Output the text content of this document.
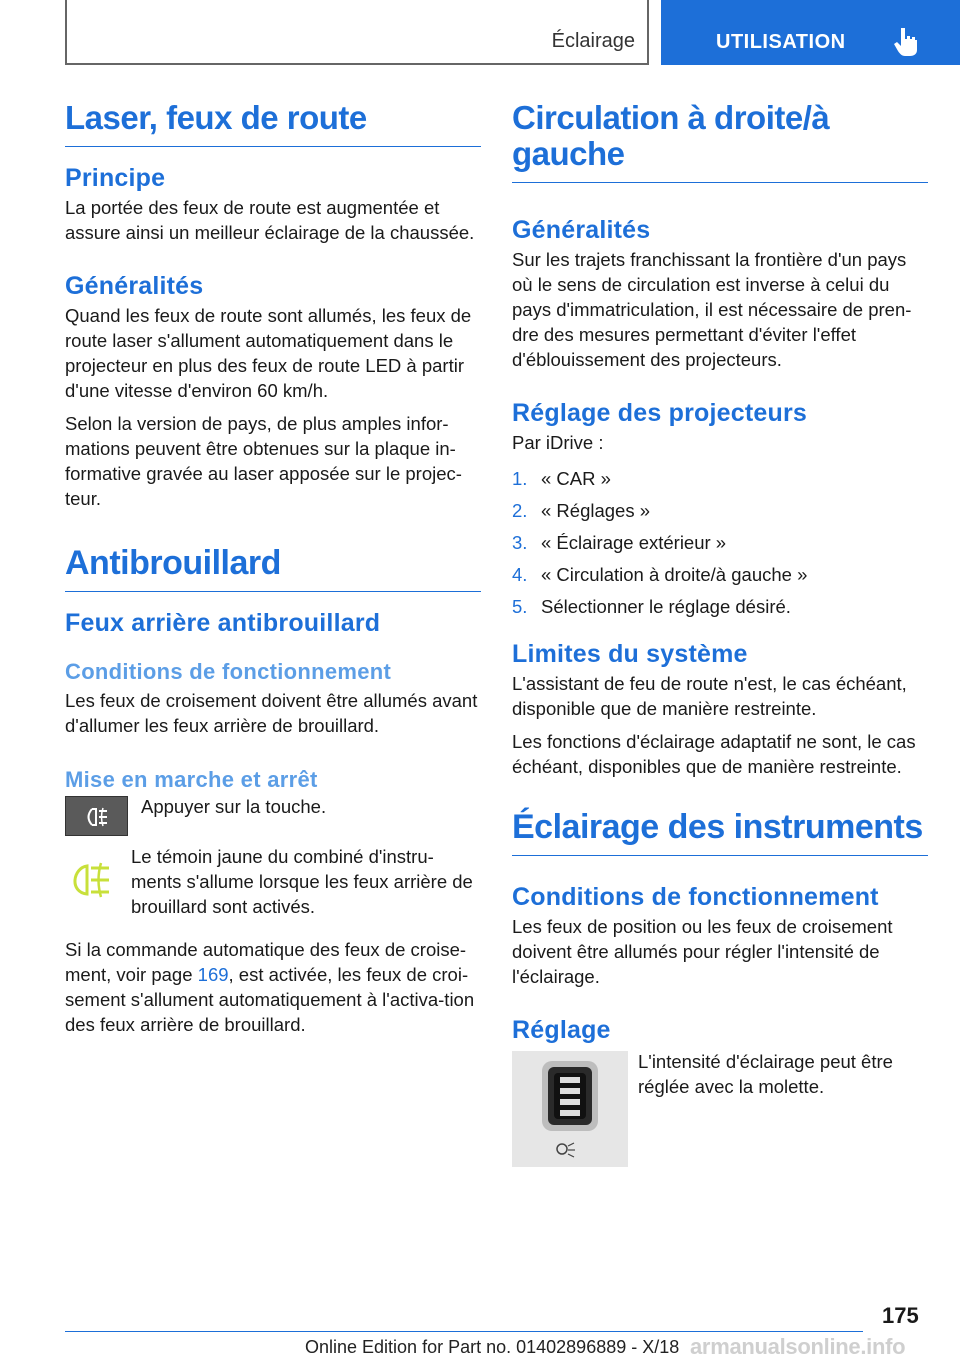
Éclairage	UTILISATION
Laser, feux de route
Principe

La portée des feux de route est augmentée et assure ainsi un meilleur éclairage de la chaussée.

Généralités

Quand les feux de route sont allumés, les feux de route laser s'allument automatiquement dans le projecteur en plus des feux de route LED à partir d'une vitesse d'environ 60 km/h.

Selon la version de pays, de plus amples infor-mations peuvent être obtenues sur la plaque in-formative gravée au laser apposée sur le projec-teur.

Antibrouillard
Feux arrière antibrouillard
Conditions de fonctionnement

Les feux de croisement doivent être allumés avant d'allumer les feux arrière de brouillard.

Mise en marche et arrêt

Appuyer sur la touche.

Le témoin jaune du combiné d'instru-ments s'allume lorsque les feux arrière de brouillard sont activés.

Si la commande automatique des feux de croise-ment, voir page 169, est activée, les feux de croi-sement s'allument automatiquement à l'activa-tion des feux arrière de brouillard.

Circulation à droite/à gauche
Généralités

Sur les trajets franchissant la frontière d'un pays où le sens de circulation est inverse à celui du pays d'immatriculation, il est nécessaire de pren-dre des mesures permettant d'éviter l'effet d'éblouissement des projecteurs.

Réglage des projecteurs

Par iDrive :

1. « CAR »
2. « Réglages »
3. « Éclairage extérieur »
4. « Circulation à droite/à gauche »
5. Sélectionner le réglage désiré.
Limites du système

L'assistant de feu de route n'est, le cas échéant, disponible que de manière restreinte.

Les fonctions d'éclairage adaptatif ne sont, le cas échéant, disponibles que de manière restreinte.

Éclairage des instruments
Conditions de fonctionnement

Les feux de position ou les feux de croisement doivent être allumés pour régler l'intensité de l'éclairage.

Réglage

L'intensité d'éclairage peut être réglée avec la molette.

175
Online Edition for Part no. 01402896889 - X/18 armanualsonline.info
